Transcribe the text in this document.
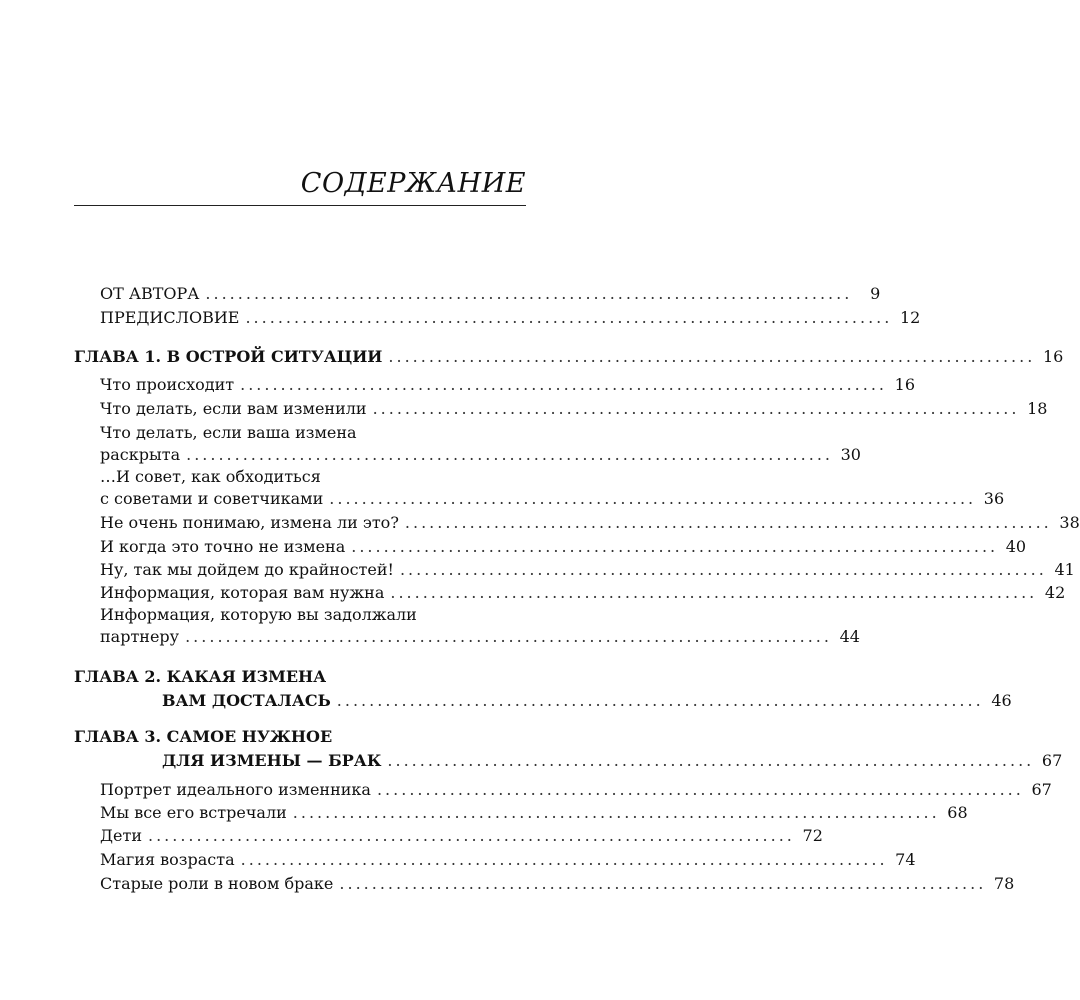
СОДЕРЖАНИЕ
ОТ АВТОРА ................................................................................	9
ПРЕДИСЛОВИЕ ................................................................................ 12
ГЛАВА 1. В ОСТРОЙ СИТУАЦИИ ................................................................................ 16
Что происходит ................................................................................ 16
Что делать, если вам изменили ................................................................................ 18
Что делать, если ваша измена
раскрыта ................................................................................ 30
…И совет, как обходиться
с советами и советчиками ................................................................................ 36
Не очень понимаю, измена ли это? ................................................................................ 38
И когда это точно не измена ................................................................................ 40
Ну, так мы дойдем до крайностей! ................................................................................ 41
Информация, которая вам нужна ................................................................................ 42
Информация, которую вы задолжали
партнеру ................................................................................ 44
ГЛАВА 2. КАКАЯ ИЗМЕНА
ВАМ ДОСТАЛАСЬ ................................................................................ 46
ГЛАВА 3. САМОЕ НУЖНОЕ
ДЛЯ ИЗМЕНЫ — БРАК ................................................................................ 67
Портрет идеального изменника ................................................................................ 67
Мы все его встречали ................................................................................ 68
Дети ................................................................................ 72
Магия возраста ................................................................................ 74
Старые роли в новом браке ................................................................................ 78
